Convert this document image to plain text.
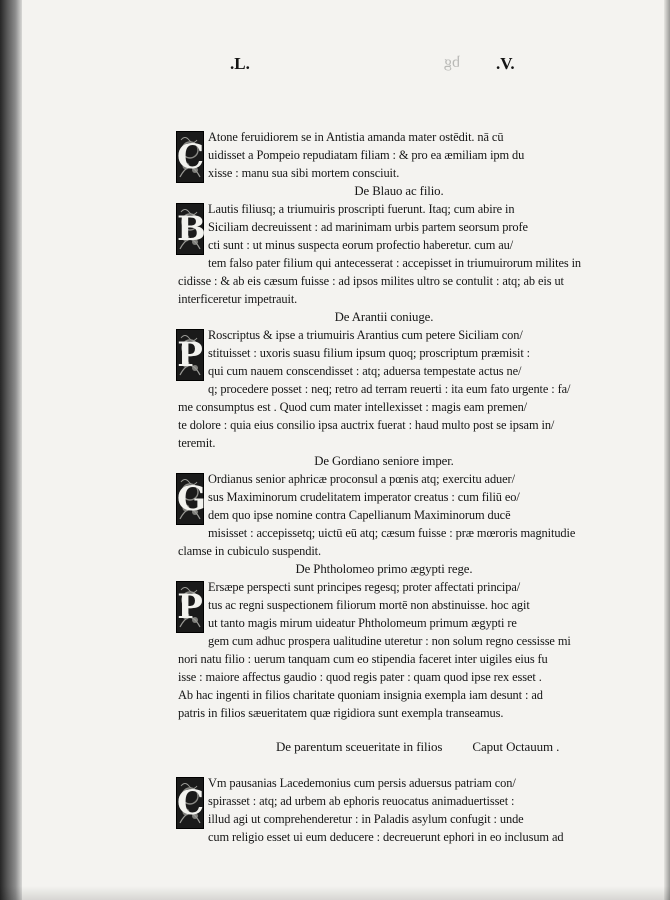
.L.	bg .V.
C Atone feruidiorem se in Antistia amanda mater ostēdit. nā cū
uidisset a Pompeio repudiatam filiam : & pro ea æmiliam ipm du
xisse : manu sua sibi mortem consciuit.
De Blauo ac filio.
B Lautis filiusq; a triumuiris proscripti fuerunt. Itaq; cum abire in
Siciliam decreuissent : ad marinimam urbis partem seorsum profe
cti sunt : ut minus suspecta eorum profectio haberetur. cum au/
tem falso pater filium qui antecesserat : accepisset in triumuirorum milites in
cidisse : & ab eis cæsum fuisse : ad ipsos milites ultro se contulit : atq; ab eis ut
interficeretur impetrauit.
De Arantii coniuge.
P Roscriptus & ipse a triumuiris Arantius cum petere Siciliam con/
stituisset : uxoris suasu filium ipsum quoq; proscriptum præmisit :
qui cum nauem conscendisset : atq; aduersa tempestate actus ne/
q; procedere posset : neq; retro ad terram reuerti : ita eum fato urgente : fa/
me consumptus est . Quod cum mater intellexisset : magis eam premen/
te dolore : quia eius consilio ipsa auctrix fuerat : haud multo post se ipsam in/
teremit.
De Gordiano seniore imper.
G Ordianus senior aphricæ proconsul a pœnis atq; exercitu aduer/
sus Maximinorum crudelitatem imperator creatus : cum filiū eo/
dem quo ipse nomine contra Capellianum Maximinorum ducē
misisset : accepissetq; uictū eū atq; cæsum fuisse : præ mœroris magnitudie
clamse in cubiculo suspendit.
De Phtholomeo primo ægypti rege.
P Ersæpe perspecti sunt principes regesq; proter affectati principa/
tus ac regni suspectionem filiorum mortē non abstinuisse. hoc agit
ut tanto magis mirum uideatur Phtholomeum primum ægypti re
gem cum adhuc prospera ualitudine uteretur : non solum regno cessisse mi
nori natu filio : uerum tanquam cum eo stipendia faceret inter uigiles eius fu
isse : maiore affectus gaudio : quod regis pater : quam quod ipse rex esset .
Ab hac ingenti in filios charitate quoniam insignia exempla iam desunt : ad
patris in filios sæueritatem quæ rigidiora sunt exempla transeamus.
De parentum sceueritate in filios Caput Octauum .
C Vm pausanias Lacedemonius cum persis aduersus patriam con/
spirasset : atq; ad urbem ab ephoris reuocatus animaduertisset :
illud agi ut comprehenderetur : in Paladis asylum confugit : unde
cum religio esset ui eum deducere : decreuerunt ephori in eo inclusum ad
